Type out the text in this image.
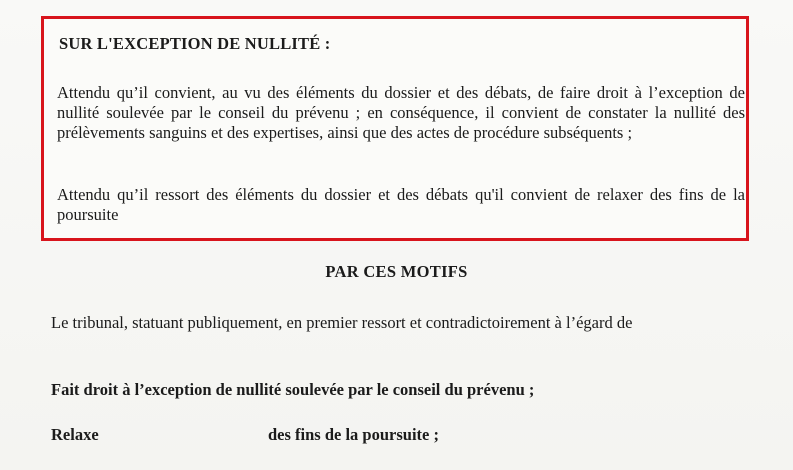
SUR L'EXCEPTION DE NULLITÉ :

Attendu qu’il convient, au vu des éléments du dossier et des débats, de faire droit à l’exception de nullité soulevée par le conseil du prévenu ; en conséquence, il convient de constater la nullité des prélèvements sanguins et des expertises, ainsi que des actes de procédure subséquents ;

Attendu qu’il ressort des éléments du dossier et des débats qu'il convient de relaxer des fins de la poursuite

PAR CES MOTIFS

Le tribunal, statuant publiquement, en premier ressort et contradictoirement à l’égard de

Fait droit à l’exception de nullité soulevée par le conseil du prévenu ;

Relaxe	des fins de la poursuite ;
